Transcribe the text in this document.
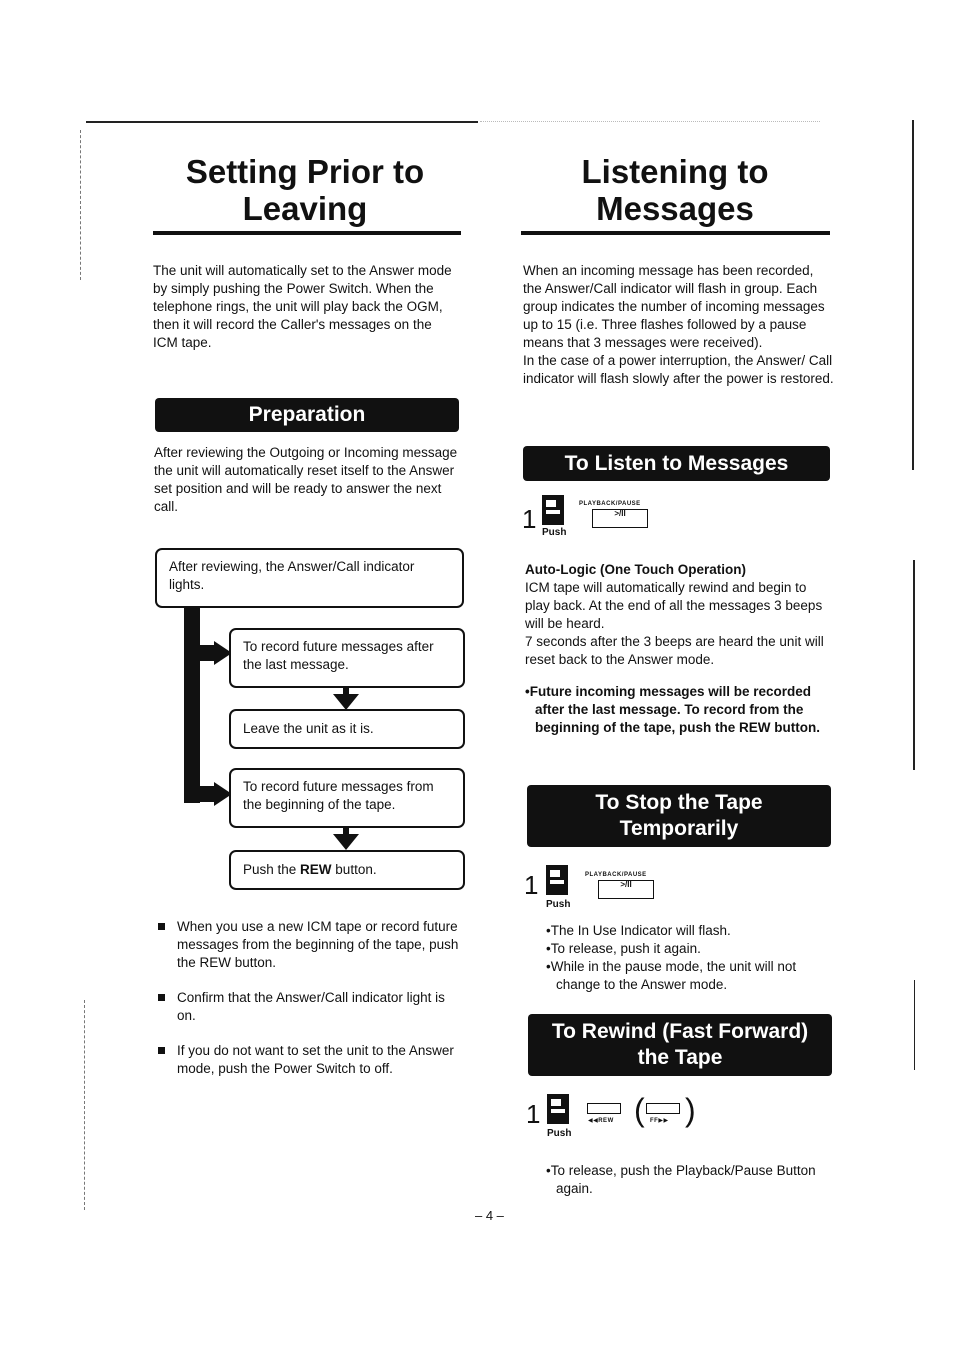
Setting Prior to
Leaving

The unit will automatically set to the Answer mode by simply pushing the Power Switch. When the telephone rings, the unit will play back the OGM, then it will record the Caller's messages on the ICM tape.

Preparation

After reviewing the Outgoing or Incoming message the unit will automatically reset itself to the Answer set position and will be ready to answer the next call.

After reviewing, the Answer/Call indicator lights.
To record future messages after the last message.
Leave the unit as it is.
To record future messages from the beginning of the tape.
Push the REW button.
When you use a new ICM tape or record future messages from the beginning of the tape, push the REW button.
Confirm that the Answer/Call indicator light is on.
If you do not want to set the unit to the Answer mode, push the Power Switch to off.
Listening to
Messages

When an incoming message has been recorded, the Answer/Call indicator will flash in group. Each group indicates the number of incoming messages up to 15 (i.e. Three flashes followed by a pause means that 3 messages were received).
In the case of a power interruption, the Answer/ Call indicator will flash slowly after the power is restored.

To Listen to Messages
1 Push
PLAYBACK/PAUSE
>/II
Auto-Logic (One Touch Operation)

ICM tape will automatically rewind and begin to play back. At the end of all the messages 3 beeps will be heard.
7 seconds after the 3 beeps are heard the unit will reset back to the Answer mode.

•Future incoming messages will be recorded after the last message. To record from the beginning of the tape, push the REW button.

To Stop the Tape
Temporarily
1
Push
PLAYBACK/PAUSE
>/II
•The In Use Indicator will flash.
•To release, push it again.
•While in the pause mode, the unit will not change to the Answer mode.
To Rewind (Fast Forward)
the Tape
1
Push
◀◀REW ( FF▶▶ )
•To release, push the Playback/Pause Button again.
– 4 –
